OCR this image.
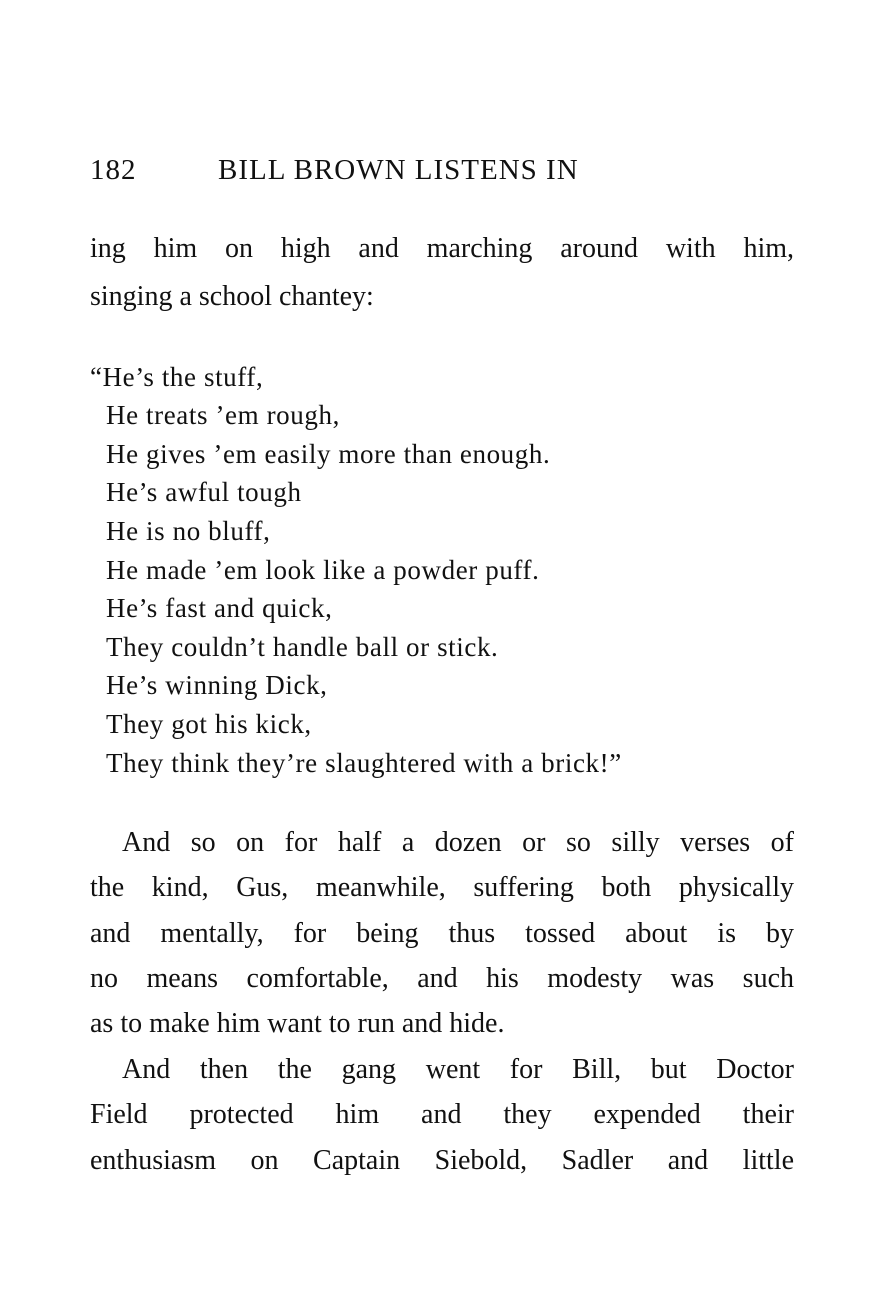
182	BILL BROWN LISTENS IN
ing him on high and marching around with him,
singing a school chantey:
“He’s the stuff,
He treats ’em rough,
He gives ’em easily more than enough.
He’s awful tough
He is no bluff,
He made ’em look like a powder puff.
He’s fast and quick,
They couldn’t handle ball or stick.
He’s winning Dick,
They got his kick,
They think they’re slaughtered with a brick!”
And so on for half a dozen or so silly verses of
the kind, Gus, meanwhile, suffering both physically
and mentally, for being thus tossed about is by
no means comfortable, and his modesty was such
as to make him want to run and hide.
And then the gang went for Bill, but Doctor
Field protected him and they expended their
enthusiasm on Captain Siebold, Sadler and little
